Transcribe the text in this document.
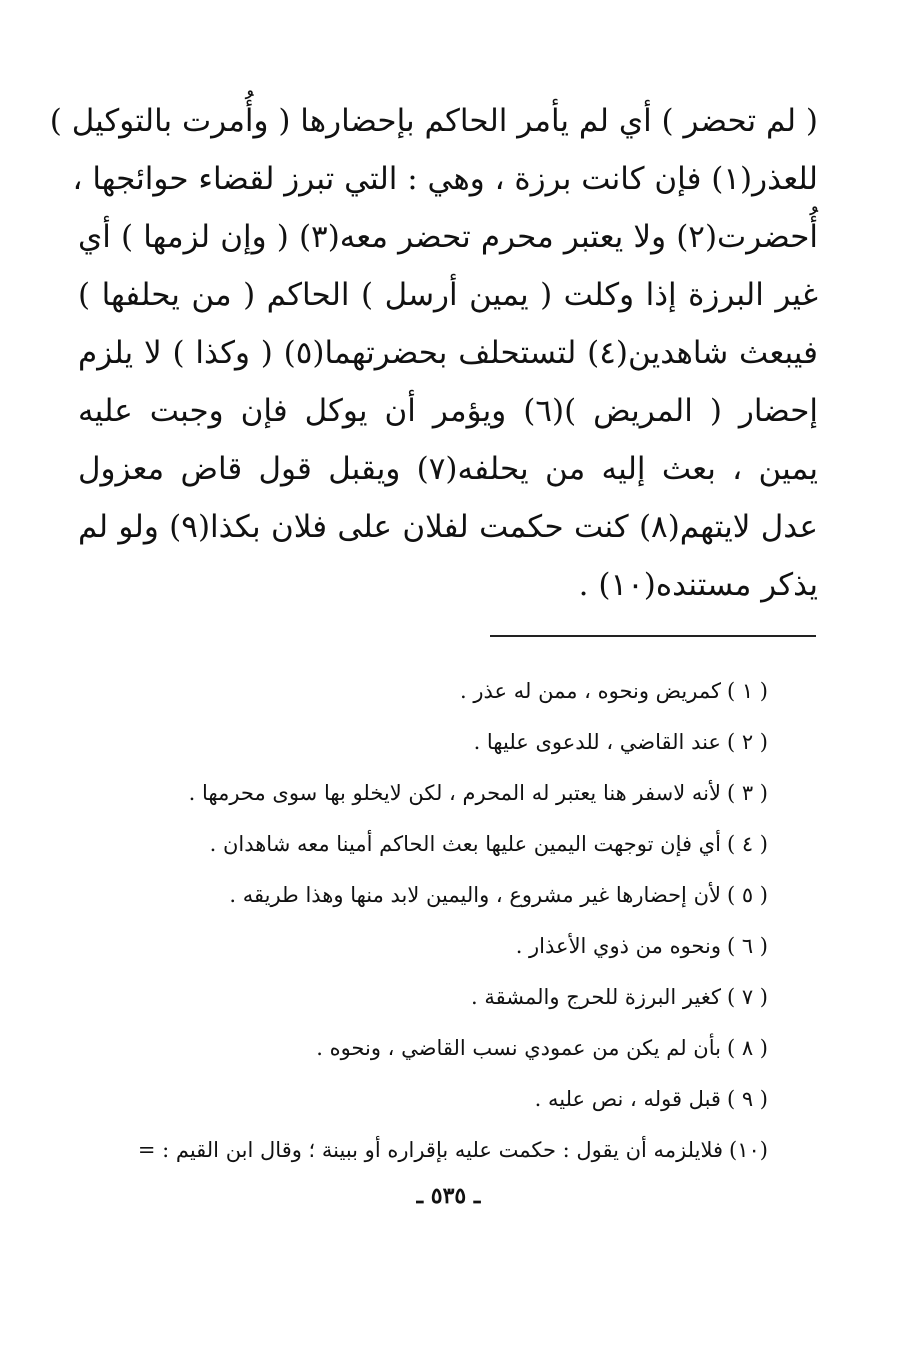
( لم تحضر ) أي لم يأمر الحاكم بإحضارها ( وأُمرت بالتوكيل )
للعذر(١) فإن كانت برزة ، وهي : التي تبرز لقضاء حوائجها ،
أُحضرت(٢) ولا يعتبر محرم تحضر معه(٣) ( وإن لزمها ) أي
غير البرزة إذا وكلت ( يمين أرسل ) الحاكم ( من يحلفها )
فيبعث شاهدين(٤) لتستحلف بحضرتهما(٥) ( وكذا ) لا يلزم
إحضار ( المريض )(٦) ويؤمر أن يوكل فإن وجبت عليه
يمين ، بعث إليه من يحلفه(٧) ويقبل قول قاض معزول
عدل لايتهم(٨) كنت حكمت لفلان على فلان بكذا(٩) ولو لم
يذكر مستنده(١٠) .
( ١ )كمريض ونحوه ، ممن له عذر .
( ٢ )عند القاضي ، للدعوى عليها .
( ٣ )لأنه لاسفر هنا يعتبر له المحرم ، لكن لايخلو بها سوى محرمها .
( ٤ )أي فإن توجهت اليمين عليها بعث الحاكم أمينا معه شاهدان .
( ٥ )لأن إحضارها غير مشروع ، واليمين لابد منها وهذا طريقه .
( ٦ )ونحوه من ذوي الأعذار .
( ٧ )كغير البرزة للحرج والمشقة .
( ٨ )بأن لم يكن من عمودي نسب القاضي ، ونحوه .
( ٩ )قبل قوله ، نص عليه .
(١٠)فلايلزمه أن يقول : حكمت عليه بإقراره أو ببينة ؛ وقال ابن القيم : =
ـ ٥٣٥ ـ
